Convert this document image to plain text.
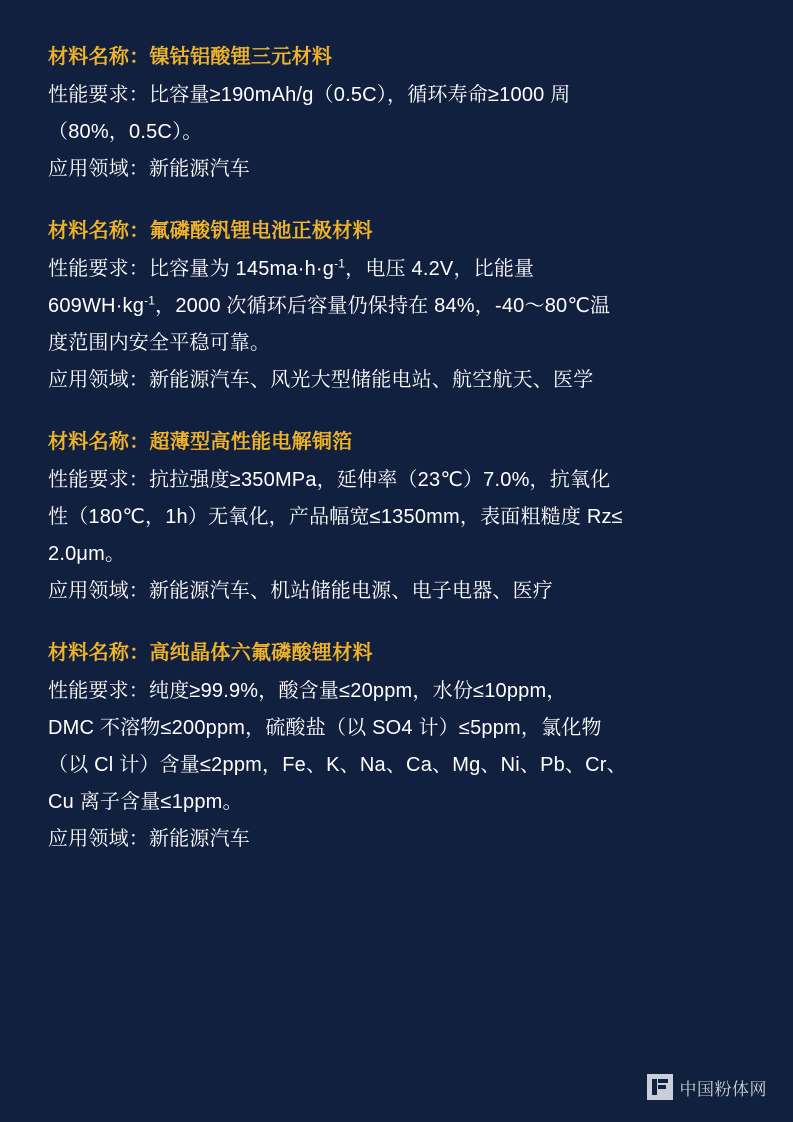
材料名称：镍钴铝酸锂三元材料
性能要求：比容量≥190mAh/g（0.5C），循环寿命≥1000 周
（80%，0.5C）。
应用领域：新能源汽车
材料名称：氟磷酸钒锂电池正极材料
性能要求：比容量为 $145ma\cdot h\cdot g^{-1}$，电压 4.2V，比能量
$609WH\cdot kg^{-1}$，2000 次循环后容量仍保持在 84%，-40～80℃温
度范围内安全平稳可靠。
应用领域：新能源汽车、风光大型储能电站、航空航天、医学
材料名称：超薄型高性能电解铜箔
性能要求：抗拉强度≥350MPa，延伸率（23℃）7.0%，抗氧化
性（180℃，1h）无氧化，产品幅宽≤1350mm，表面粗糙度 Rz≤
2.0μm。
应用领域：新能源汽车、机站储能电源、电子电器、医疗
材料名称：高纯晶体六氟磷酸锂材料
性能要求：纯度≥99.9%，酸含量≤20ppm，水份≤10ppm，
DMC 不溶物≤200ppm，硫酸盐（以 SO4 计）≤5ppm，氯化物
（以 Cl 计）含量≤2ppm，Fe、K、Na、Ca、Mg、Ni、Pb、Cr、
Cu 离子含量≤1ppm。
应用领域：新能源汽车
中国粉体网
